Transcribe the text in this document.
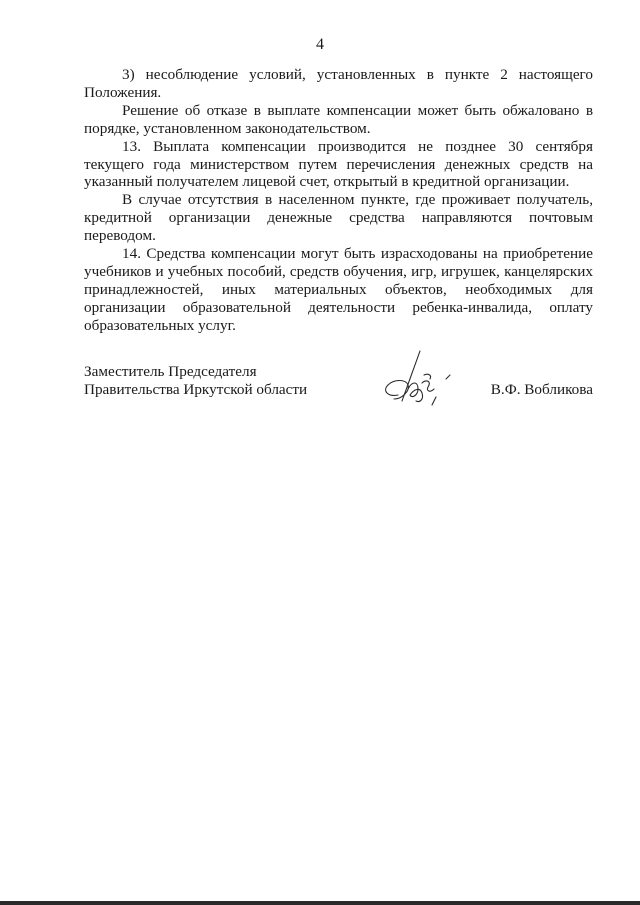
4

3) несоблюдение условий, установленных в пункте 2 настоящего Положения.

Решение об отказе в выплате компенсации может быть обжаловано в порядке, установленном законодательством.

13. Выплата компенсации производится не позднее 30 сентября текущего года министерством путем перечисления денежных средств на указанный получателем лицевой счет, открытый в кредитной организации.

В случае отсутствия в населенном пункте, где проживает получатель, кредитной организации денежные средства направляются почтовым переводом.

14. Средства компенсации могут быть израсходованы на приобретение учебников и учебных пособий, средств обучения, игр, игрушек, канцелярских принадлежностей, иных материальных объектов, необходимых для организации образовательной деятельности ребенка-инвалида, оплату образовательных услуг.

Заместитель Председателя
Правительства Иркутской области	В.Ф. Вобликова
